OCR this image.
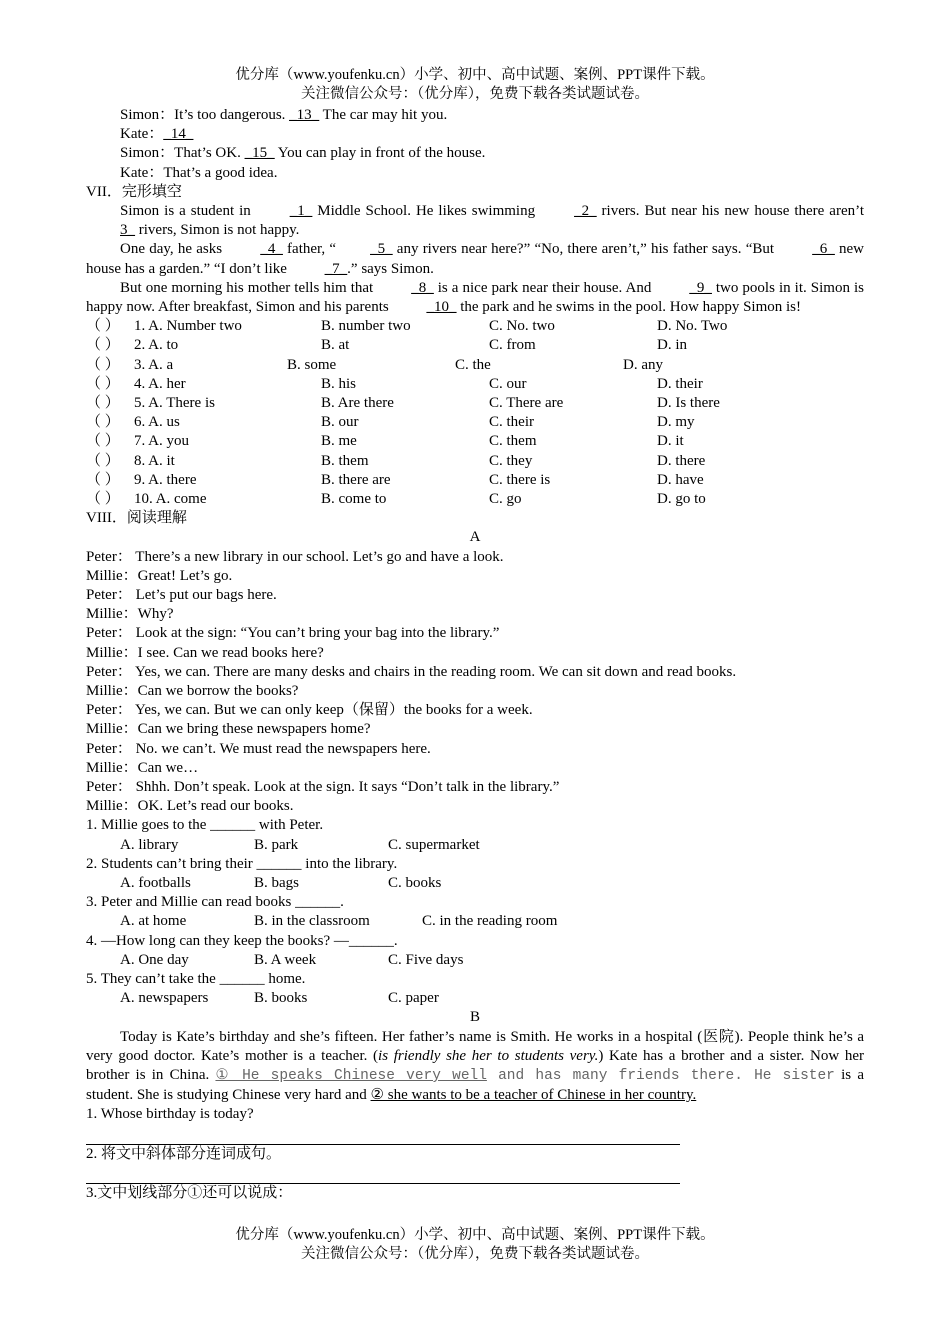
优分库（www.youfenku.cn）小学、初中、高中试题、案例、PPT课件下载。
关注微信公众号：（优分库），免费下载各类试题试卷。
Simon：It’s too dangerous. _13_ The car may hit you.
Kate：_14_
Simon：That’s OK. _15_ You can play in front of the house.
Kate：That’s a good idea.
VII．完形填空
Simon is a student in _1_ Middle School. He likes swimming _2_ rivers. But near his new house there aren’t 3_ rivers, Simon is not happy.
One day, he asks _4_ father, “ _5_ any rivers near here?” “No, there aren’t,” his father says. “But _6_ new house has a garden.” “I don’t like _7_.” says Simon.
But one morning his mother tells him that _8_ is a nice park near their house. And _9_ two pools in it. Simon is happy now. After breakfast, Simon and his parents _10_ the park and he swims in the pool. How happy Simon is!
（ ） 1. A. Number two	B. number two	C. No. two	D. No. Two
（ ） 2. A. to	B. at	C. from	D. in
（ ） 3. A. a	B. some	C. the	D. any
（ ） 4. A. her	B. his	C. our	D. their
（ ） 5. A. There is	B. Are there	C. There are	D. Is there
（ ） 6. A. us	B. our	C. their	D. my
（ ） 7. A. you	B. me	C. them	D. it
（ ） 8. A. it	B. them	C. they	D. there
（ ） 9. A. there	B. there are	C. there is	D. have
（ ） 10. A. come	B. come to	C. go	D. go to
VIII．阅读理解
A
Peter： There’s a new library in our school. Let’s go and have a look.
Millie：Great! Let’s go.
Peter： Let’s put our bags here.
Millie：Why?
Peter： Look at the sign: “You can’t bring your bag into the library.”
Millie：I see. Can we read books here?
Peter： Yes, we can. There are many desks and chairs in the reading room. We can sit down and read books.
Millie：Can we borrow the books?
Peter： Yes, we can. But we can only keep（保留）the books for a week.
Millie：Can we bring these newspapers home?
Peter： No. we can’t. We must read the newspapers here.
Millie：Can we…
Peter： Shhh. Don’t speak. Look at the sign. It says “Don’t talk in the library.”
Millie：OK. Let’s read our books.
1. Millie goes to the ______ with Peter.
A. library	B. park	C. supermarket
2. Students can’t bring their ______ into the library.
A. footballs	B. bags	C. books
3. Peter and Millie can read books ______.
A. at home	B. in the classroom	C. in the reading room
4. —How long can they keep the books? —______.
A. One day	B. A week	C. Five days
5. They can’t take the ______ home.
A. newspapers	B. books	C. paper
B
Today is Kate’s birthday and she’s fifteen. Her father’s name is Smith. He works in a hospital (医院). People think he’s a very good doctor. Kate’s mother is a teacher. (is friendly she her to students very.) Kate has a brother and a sister. Now her brother is in China. ① He speaks Chinese very well and has many friends there. He sister is a student. She is studying Chinese very hard and ② she wants to be a teacher of Chinese in her country.
1. Whose birthday is today?
2. 将文中斜体部分连词成句。
3.文中划线部分①还可以说成：
优分库（www.youfenku.cn）小学、初中、高中试题、案例、PPT课件下载。
关注微信公众号：（优分库），免费下载各类试题试卷。
